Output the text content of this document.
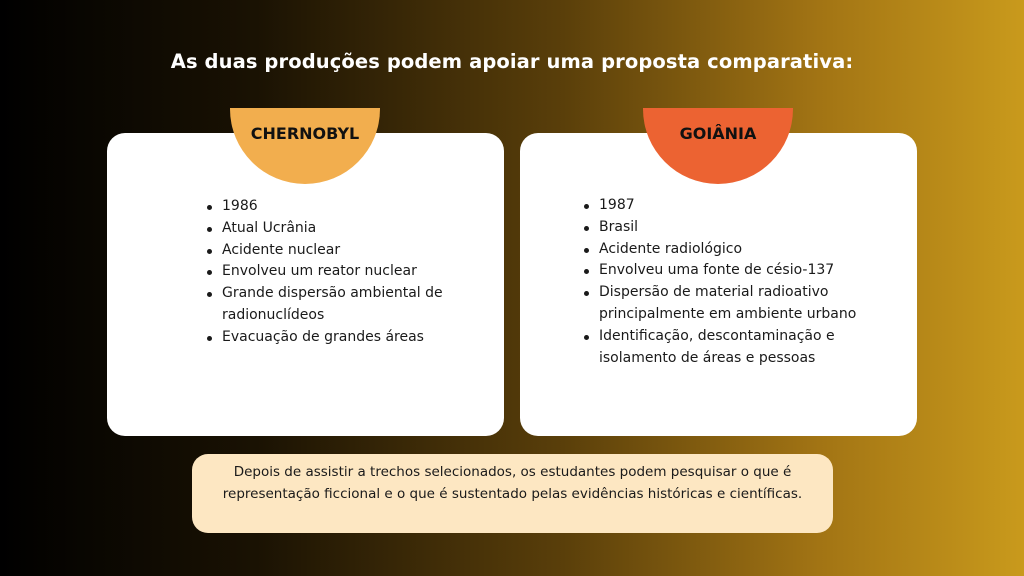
As duas produções podem apoiar uma proposta comparativa:
CHERNOBYL
1986
Atual Ucrânia
Acidente nuclear
Envolveu um reator nuclear
Grande dispersão ambiental de radionuclídeos
Evacuação de grandes áreas
GOIÂNIA
1987
Brasil
Acidente radiológico
Envolveu uma fonte de césio-137
Dispersão de material radioativo principalmente em ambiente urbano
Identificação, descontaminação e isolamento de áreas e pessoas
Depois de assistir a trechos selecionados, os estudantes podem pesquisar o que é representação ficcional e o que é sustentado pelas evidências históricas e científicas.
